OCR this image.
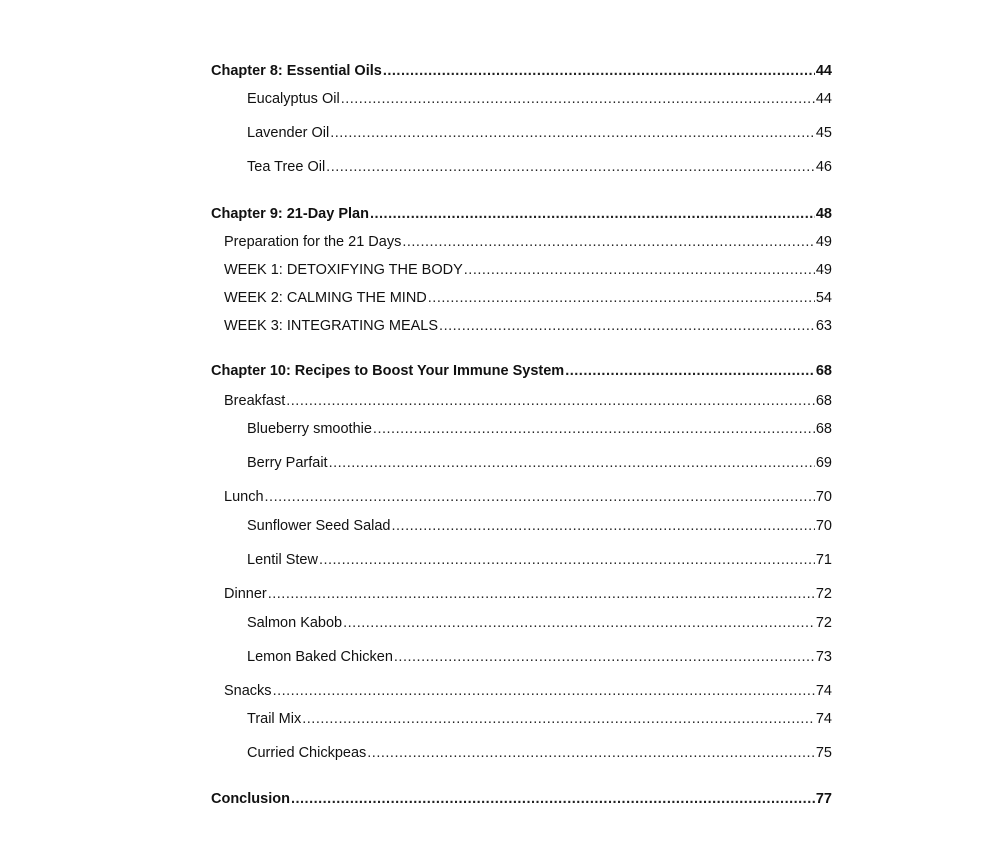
Chapter 8: Essential Oils .....	44
Eucalyptus Oil .....	44
Lavender Oil .....	45
Tea Tree Oil .....	46
Chapter 9: 21-Day Plan .....	48
Preparation for the 21 Days .....	49
WEEK 1: DETOXIFYING THE BODY .....	49
WEEK 2: CALMING THE MIND .....	54
WEEK 3: INTEGRATING MEALS .....	63
Chapter 10: Recipes to Boost Your Immune System .....	68
Breakfast .....	68
Blueberry smoothie .....	68
Berry Parfait .....	69
Lunch .....	70
Sunflower Seed Salad .....	70
Lentil Stew .....	71
Dinner .....	72
Salmon Kabob .....	72
Lemon Baked Chicken .....	73
Snacks .....	74
Trail Mix .....	74
Curried Chickpeas .....	75
Conclusion .....	77
